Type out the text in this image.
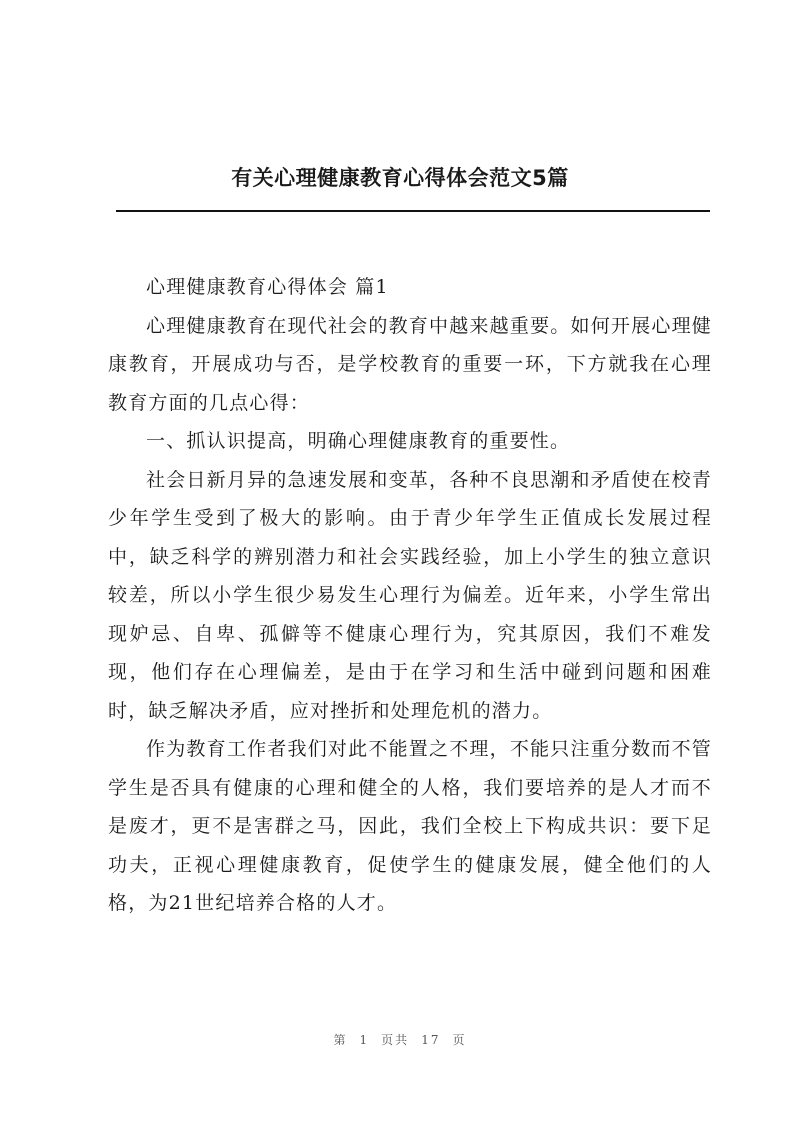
有关心理健康教育心得体会范文5篇

心理健康教育心得体会 篇1

心理健康教育在现代社会的教育中越来越重要。如何开展心理健康教育，开展成功与否，是学校教育的重要一环，下方就我在心理教育方面的几点心得：

一、抓认识提高，明确心理健康教育的重要性。

社会日新月异的急速发展和变革，各种不良思潮和矛盾使在校青少年学生受到了极大的影响。由于青少年学生正值成长发展过程中，缺乏科学的辨别潜力和社会实践经验，加上小学生的独立意识较差，所以小学生很少易发生心理行为偏差。近年来，小学生常出现妒忌、自卑、孤僻等不健康心理行为，究其原因，我们不难发现，他们存在心理偏差，是由于在学习和生活中碰到问题和困难时，缺乏解决矛盾，应对挫折和处理危机的潜力。

作为教育工作者我们对此不能置之不理，不能只注重分数而不管学生是否具有健康的心理和健全的人格，我们要培养的是人才而不是废才，更不是害群之马，因此，我们全校上下构成共识：要下足功夫，正视心理健康教育，促使学生的健康发展，健全他们的人格，为21世纪培养合格的人才。

第 1 页共 17 页
